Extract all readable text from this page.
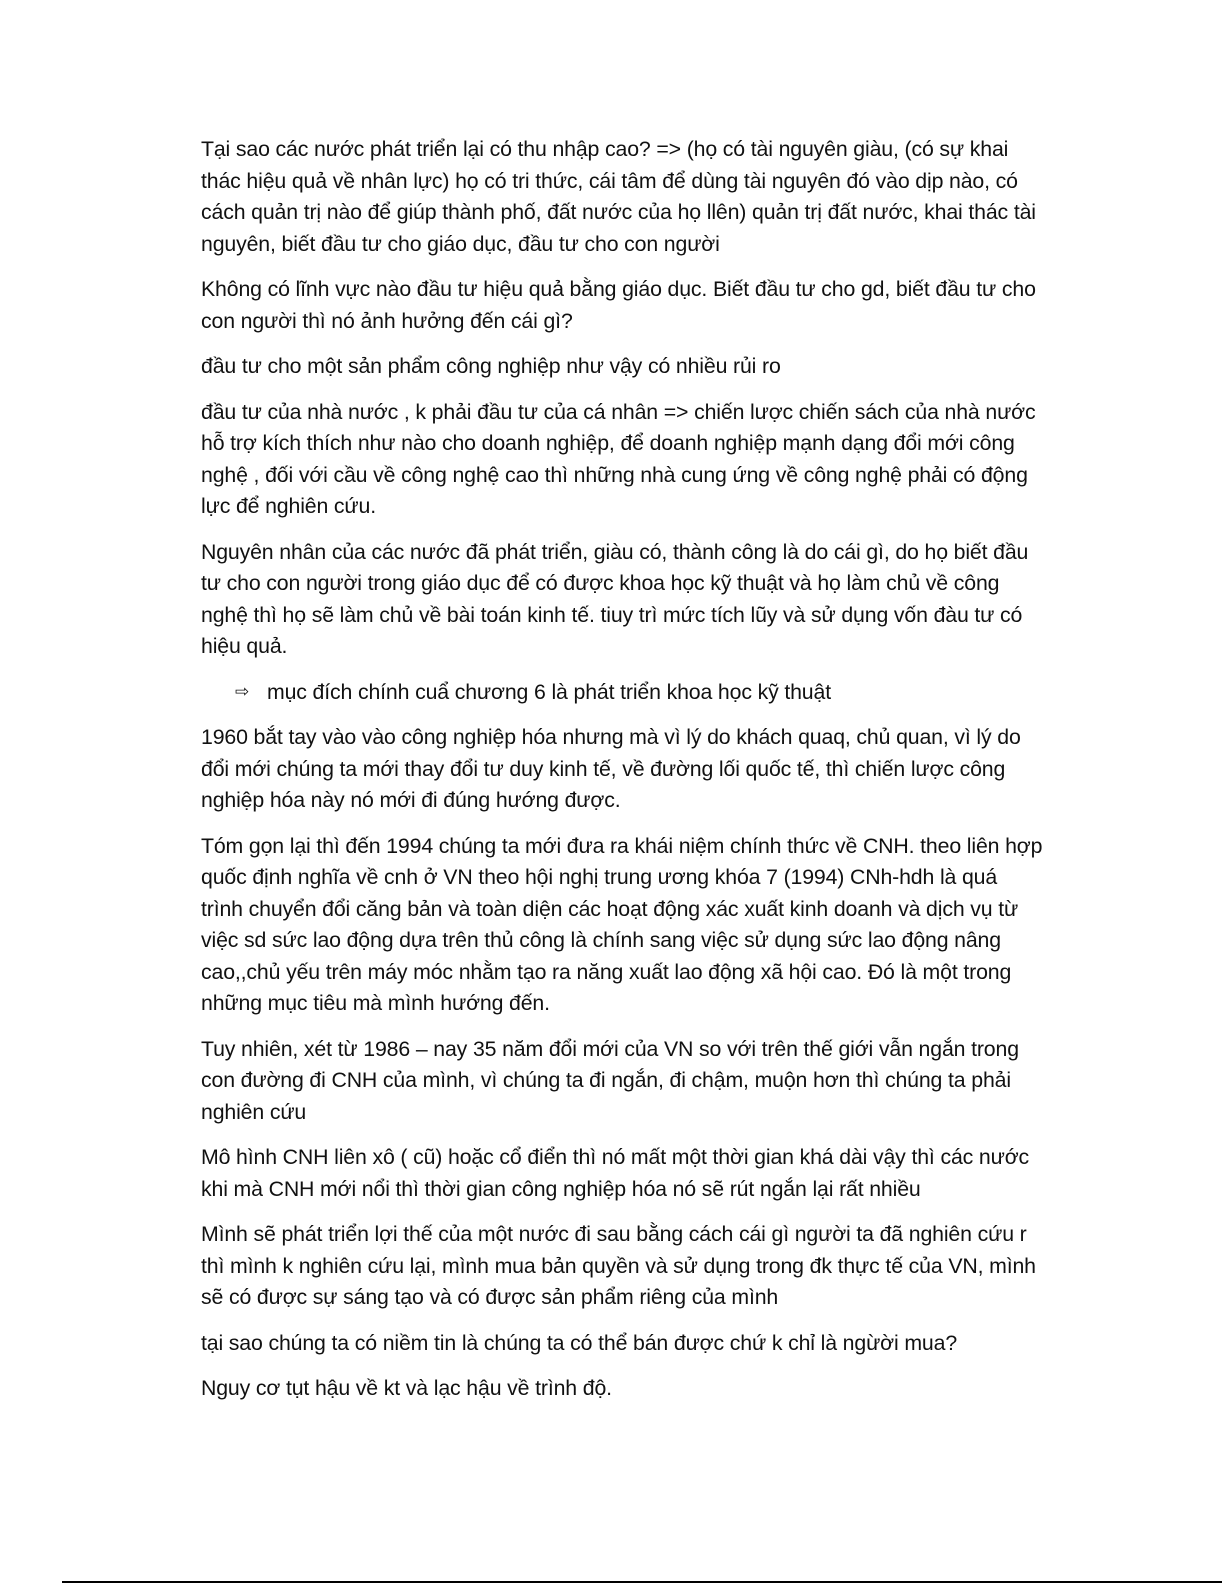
Tại sao các nước phát triển lại có thu nhập cao? => (họ có tài nguyên giàu, (có sự khai thác hiệu quả về nhân lực) họ có tri thức, cái tâm để dùng tài nguyên đó vào dịp nào, có cách quản trị nào để giúp thành phố, đất nước của họ llên) quản trị đất nước, khai thác tài nguyên, biết đầu tư cho giáo dục, đầu tư cho con người

Không có lĩnh vực nào đầu tư hiệu quả bằng giáo dục. Biết đầu tư cho gd, biết đầu tư cho con người thì nó ảnh hưởng đến cái gì?

đầu tư cho một sản phẩm công nghiệp như vậy có nhiều rủi ro

đầu tư của nhà nước , k phải đầu tư của cá nhân => chiến lược chiến sách của nhà nước hỗ trợ kích thích như nào cho doanh nghiệp, để doanh nghiệp mạnh dạng đổi mới công nghệ , đối với cầu về công nghệ cao thì những nhà cung ứng về công nghệ phải có động lực để nghiên cứu.

Nguyên nhân của các nước đã phát triển, giàu có, thành công là do cái gì, do họ biết đầu tư cho con người trong giáo dục để có được khoa học kỹ thuật và họ làm chủ về công nghệ thì họ sẽ làm chủ về bài toán kinh tế. tiuy trì mức tích lũy và sử dụng vốn đàu tư có hiệu quả.

⇨ mục đích chính cuẩ chương 6 là phát triển khoa học kỹ thuật

1960 bắt tay vào vào công nghiệp hóa nhưng mà vì lý do khách quaq, chủ quan, vì lý do đổi mới chúng ta mới thay đổi tư duy kinh tế, về đường lối quốc tế, thì chiến lược công nghiệp hóa này nó mới đi đúng hướng được.

Tóm gọn lại thì đến 1994 chúng ta mới đưa ra khái niệm chính thức về CNH. theo liên hợp quốc định nghĩa về cnh ở VN theo hội nghị trung ương khóa 7 (1994) CNh-hdh là quá trình chuyển đổi căng bản và toàn diện các hoạt động xác xuất kinh doanh và dịch vụ từ việc sd sức lao động dựa trên thủ công là chính sang việc sử dụng sức lao động nâng cao,,chủ yếu trên máy móc nhằm tạo ra năng xuất lao động xã hội cao. Đó là một trong những mục tiêu mà mình hướng đến.

Tuy nhiên, xét từ 1986 – nay 35 năm đổi mới của VN so với trên thế giới vẫn ngắn trong con đường đi CNH của mình, vì chúng ta đi ngắn, đi chậm, muộn hơn thì chúng ta phải nghiên cứu

Mô hình CNH liên xô ( cũ) hoặc cổ điển thì nó mất một thời gian khá dài vậy thì các nước khi mà CNH mới nổi thì thời gian công nghiệp hóa nó sẽ rút ngắn lại rất nhiều

Mình sẽ phát triển lợi thế của một nước đi sau bằng cách cái gì người ta đã nghiên cứu r thì mình k nghiên cứu lại, mình mua bản quyền và sử dụng trong đk thực tế của VN, mình sẽ có được sự sáng tạo và có được sản phẩm riêng của mình

tại sao chúng ta có niềm tin là chúng ta có thể bán được chứ k chỉ là ngừời mua?

Nguy cơ tụt hậu về kt và lạc hậu về trình độ.
